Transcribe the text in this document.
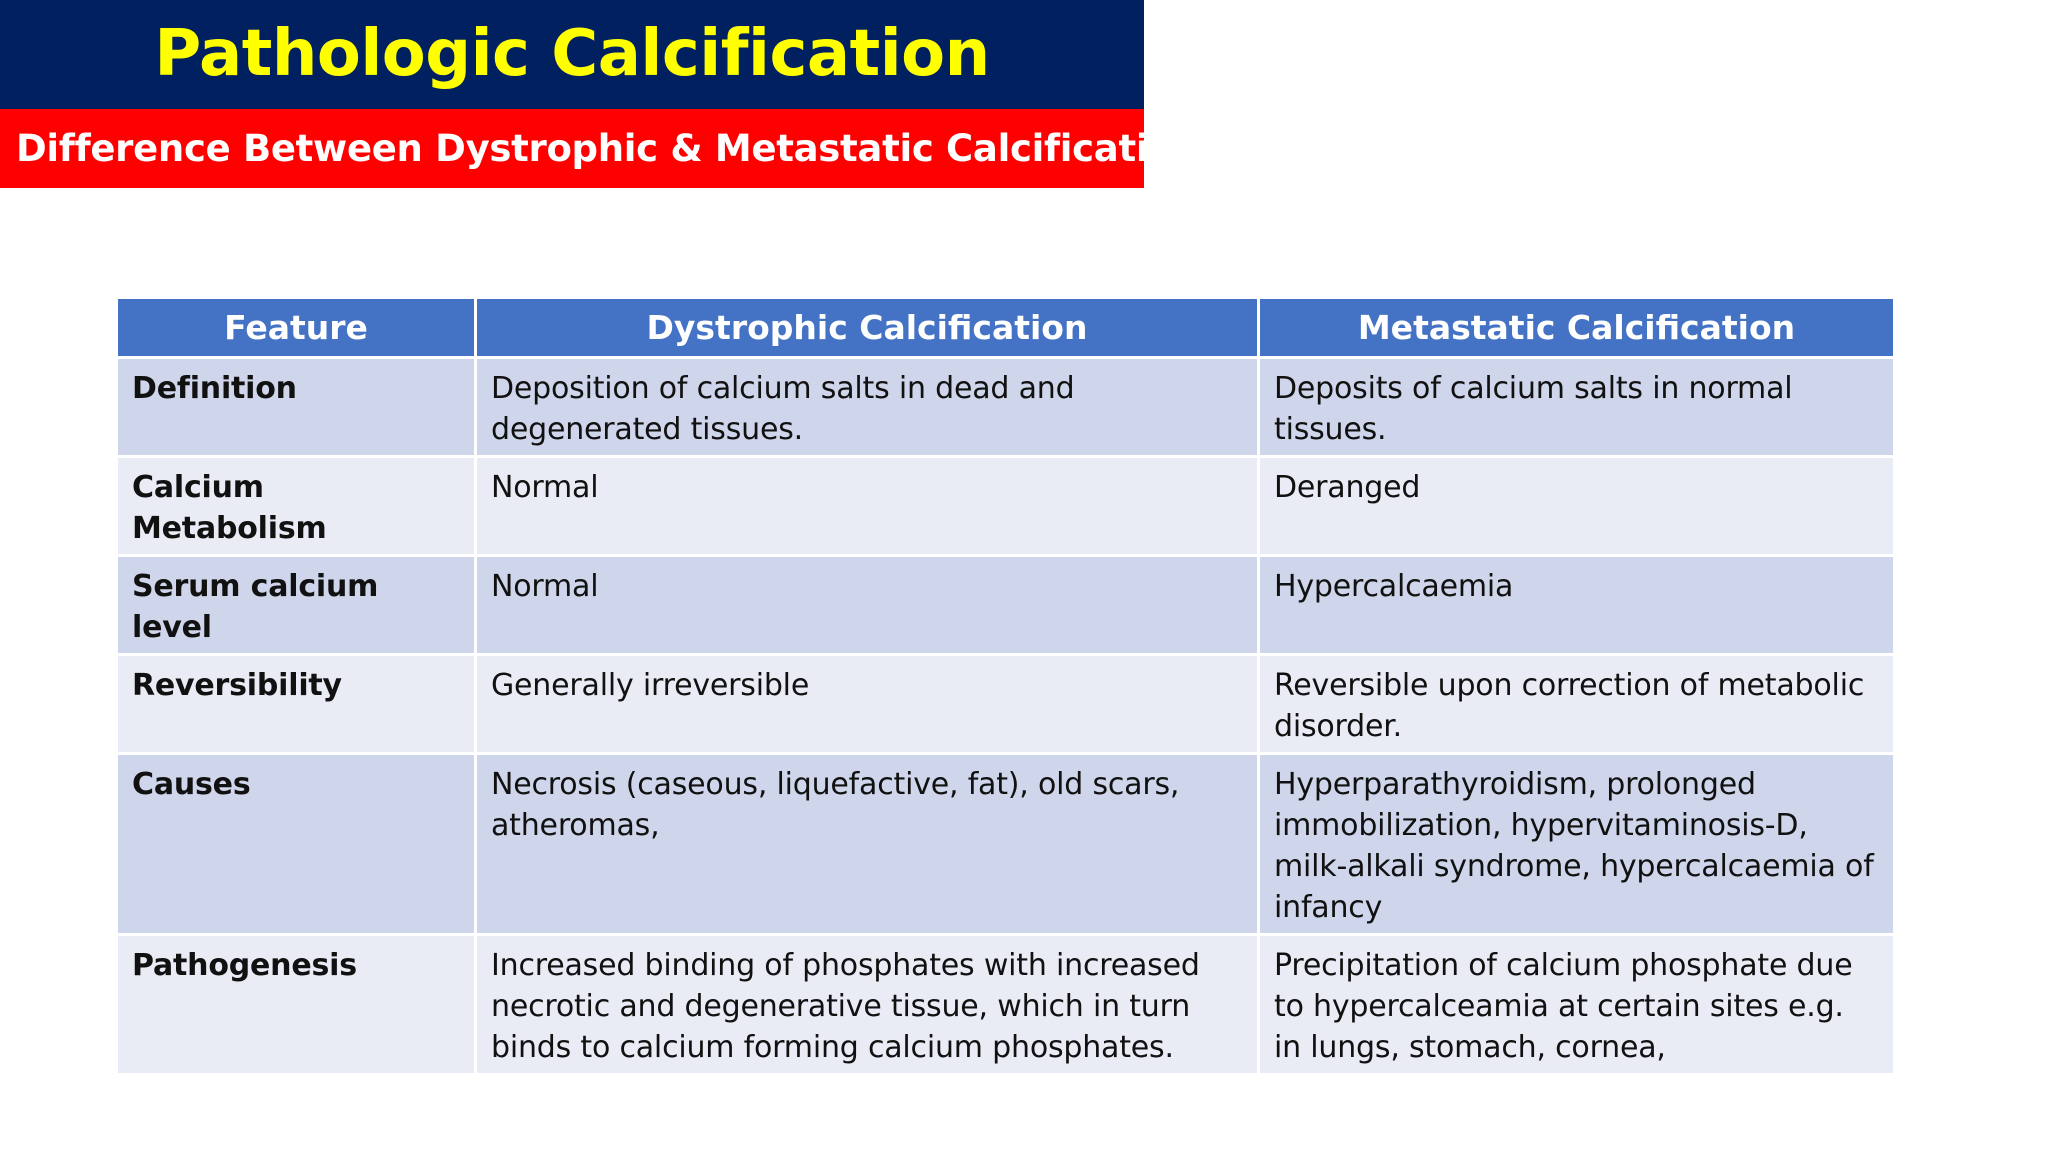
Pathologic Calcification
Difference Between Dystrophic & Metastatic Calcification
Feature	Dystrophic Calcification	Metastatic Calcification
Definition	Deposition of calcium salts in dead and degenerated tissues.	Deposits of calcium salts in normal tissues.
Calcium Metabolism	Normal	Deranged
Serum calcium level	Normal	Hypercalcaemia
Reversibility	Generally irreversible	Reversible upon correction of metabolic disorder.
Causes	Necrosis (caseous, liquefactive, fat), old scars, atheromas,	Hyperparathyroidism, prolonged immobilization, hypervitaminosis-D, milk-alkali syndrome, hypercalcaemia of infancy
Pathogenesis	Increased binding of phosphates with increased necrotic and degenerative tissue, which in turn binds to calcium forming calcium phosphates.	Precipitation of calcium phosphate due to hypercalceamia at certain sites e.g. in lungs, stomach, cornea,
